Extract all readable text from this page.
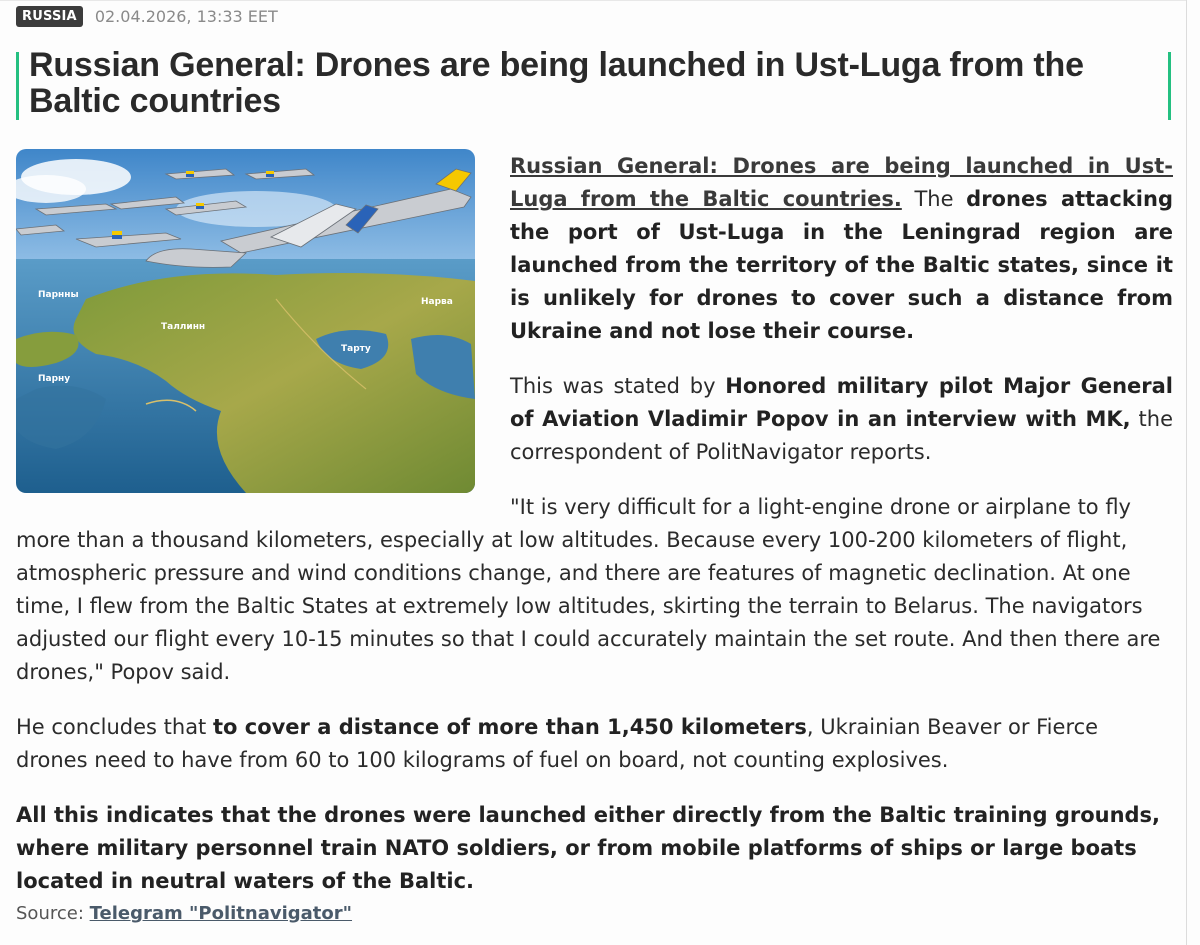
RUSSIA	02.04.2026, 13:33 EET
Russian General: Drones are being launched in Ust-Luga from the Baltic countries
Парнны
Таллинн
Нарва
Тарту
Парну

Russian General: Drones are being launched in Ust-Luga from the Baltic countries. The drones attacking the port of Ust-Luga in the Leningrad region are launched from the territory of the Baltic states, since it is unlikely for drones to cover such a distance from Ukraine and not lose their course.

This was stated by Honored military pilot Major General of Aviation Vladimir Popov in an interview with MK, the correspondent of PolitNavigator reports.

"It is very difficult for a light-engine drone or airplane to fly more than a thousand kilometers, especially at low altitudes. Because every 100-200 kilometers of flight, atmospheric pressure and wind conditions change, and there are features of magnetic declination. At one time, I flew from the Baltic States at extremely low altitudes, skirting the terrain to Belarus. The navigators adjusted our flight every 10-15 minutes so that I could accurately maintain the set route. And then there are drones," Popov said.

He concludes that to cover a distance of more than 1,450 kilometers, Ukrainian Beaver or Fierce drones need to have from 60 to 100 kilograms of fuel on board, not counting explosives.

All this indicates that the drones were launched either directly from the Baltic training grounds, where military personnel train NATO soldiers, or from mobile platforms of ships or large boats located in neutral waters of the Baltic.

Source: Telegram "Politnavigator"
